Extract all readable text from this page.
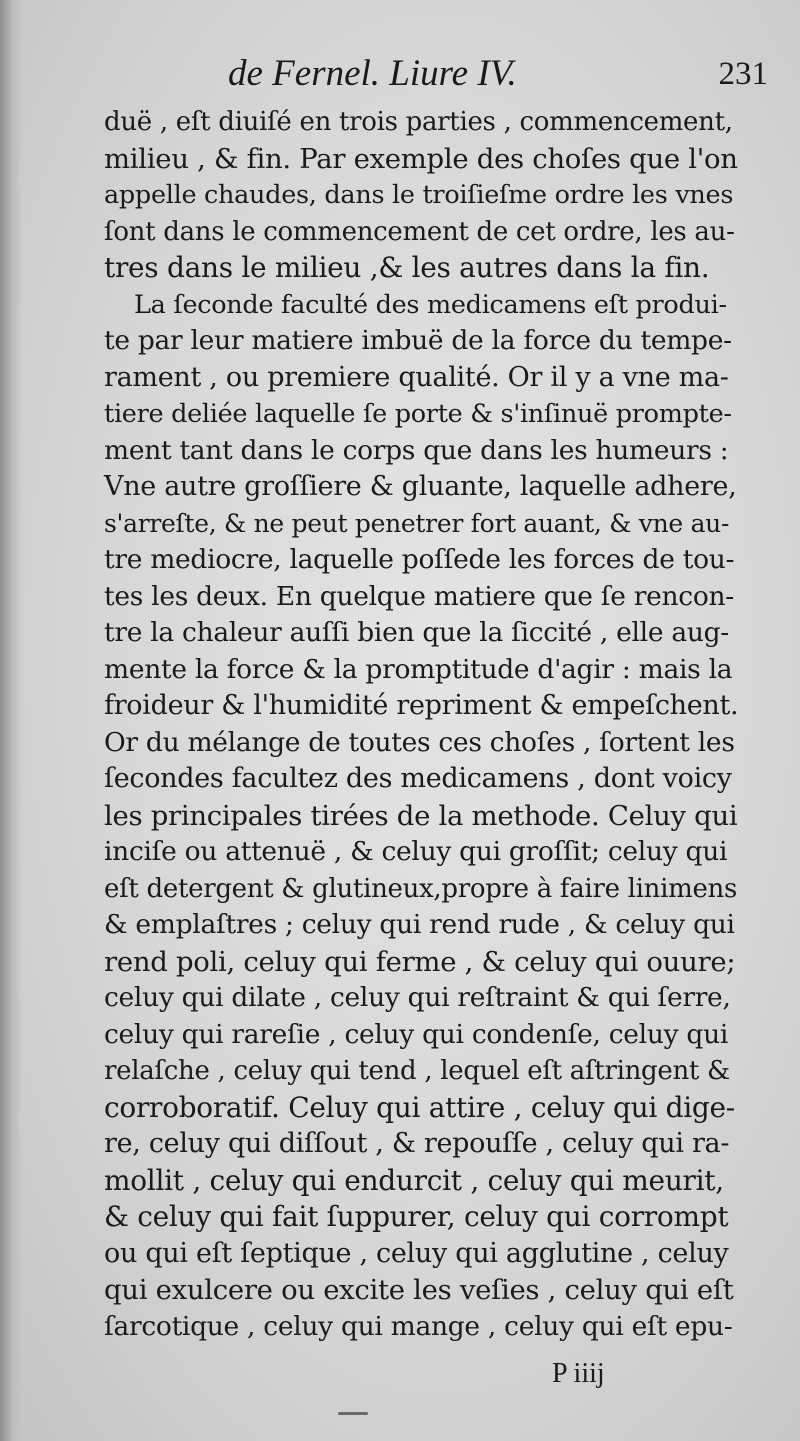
de Fernel. Liure IV.	231
duë , eſt diuiſé en trois parties , commencement,
milieu , & fin. Par exemple des choſes que l'on
appelle chaudes, dans le troiſieſme ordre les vnes
ſont dans le commencement de cet ordre, les au-
tres dans le milieu ,& les autres dans la fin.
La ſeconde faculté des medicamens eſt produi-
te par leur matiere imbuë de la force du tempe-
rament , ou premiere qualité. Or il y a vne ma-
tiere deliée laquelle ſe porte & s'inſinuë prompte-
ment tant dans le corps que dans les humeurs :
Vne autre groſſiere & gluante, laquelle adhere,
s'arreſte, & ne peut penetrer fort auant, & vne au-
tre mediocre, laquelle poſſede les forces de tou-
tes les deux. En quelque matiere que ſe rencon-
tre la chaleur auſſi bien que la ſiccité , elle aug-
mente la force & la promptitude d'agir : mais la
froideur & l'humidité repriment & empeſchent.
Or du mélange de toutes ces choſes , ſortent les
ſecondes facultez des medicamens , dont voicy
les principales tirées de la methode. Celuy qui
inciſe ou attenuë , & celuy qui groſſit; celuy qui
eſt detergent & glutineux,propre à faire linimens
& emplaſtres ; celuy qui rend rude , & celuy qui
rend poli, celuy qui ferme , & celuy qui ouure;
celuy qui dilate , celuy qui reſtraint & qui ſerre,
celuy qui rareſie , celuy qui condenſe, celuy qui
relaſche , celuy qui tend , lequel eſt aſtringent &
corroboratif. Celuy qui attire , celuy qui dige-
re, celuy qui diſſout , & repouſſe , celuy qui ra-
mollit , celuy qui endurcit , celuy qui meurit,
& celuy qui fait ſuppurer, celuy qui corrompt
ou qui eſt ſeptique , celuy qui agglutine , celuy
qui exulcere ou excite les veſies , celuy qui eſt
ſarcotique , celuy qui mange , celuy qui eſt epu-
P iiij
